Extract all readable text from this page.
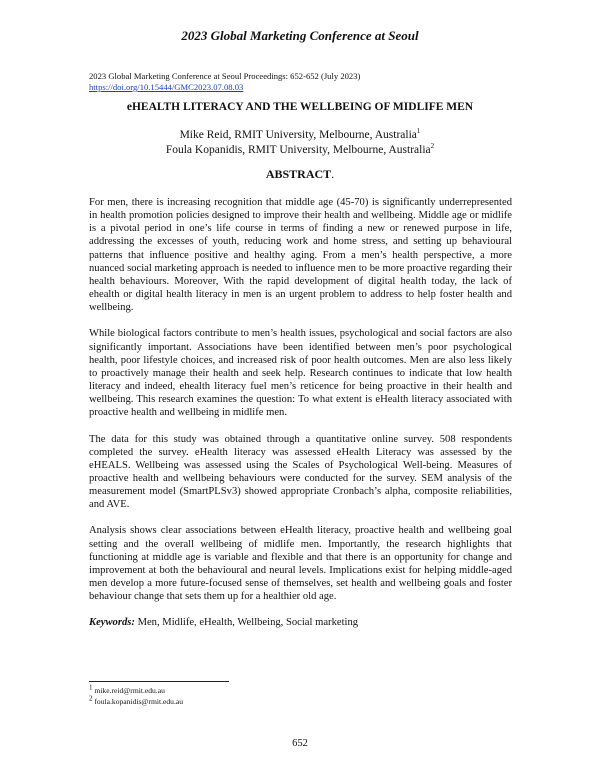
2023 Global Marketing Conference at Seoul
2023 Global Marketing Conference at Seoul Proceedings: 652-652 (July 2023)
https://doi.org/10.15444/GMC2023.07.08.03
eHEALTH LITERACY AND THE WELLBEING OF MIDLIFE MEN
Mike Reid, RMIT University, Melbourne, Australia$^1$
Foula Kopanidis, RMIT University, Melbourne, Australia$^2$
ABSTRACT.

For men, there is increasing recognition that middle age (45-70) is significantly underrepresented in health promotion policies designed to improve their health and wellbeing. Middle age or midlife is a pivotal period in one’s life course in terms of finding a new or renewed purpose in life, addressing the excesses of youth, reducing work and home stress, and setting up behavioural patterns that influence positive and healthy aging. From a men’s health perspective, a more nuanced social marketing approach is needed to influence men to be more proactive regarding their health behaviours. Moreover, With the rapid development of digital health today, the lack of ehealth or digital health literacy in men is an urgent problem to address to help foster health and wellbeing.

While biological factors contribute to men’s health issues, psychological and social factors are also significantly important. Associations have been identified between men’s poor psychological health, poor lifestyle choices, and increased risk of poor health outcomes. Men are also less likely to proactively manage their health and seek help. Research continues to indicate that low health literacy and indeed, ehealth literacy fuel men’s reticence for being proactive in their health and wellbeing. This research examines the question: To what extent is eHealth literacy associated with proactive health and wellbeing in midlife men.

The data for this study was obtained through a quantitative online survey. 508 respondents completed the survey. eHealth literacy was assessed eHealth Literacy was assessed by the eHEALS. Wellbeing was assessed using the Scales of Psychological Well-being. Measures of proactive health and wellbeing behaviours were conducted for the survey. SEM analysis of the measurement model (SmartPLSv3) showed appropriate Cronbach’s alpha, composite reliabilities, and AVE.

Analysis shows clear associations between eHealth literacy, proactive health and wellbeing goal setting and the overall wellbeing of midlife men. Importantly, the research highlights that functioning at middle age is variable and flexible and that there is an opportunity for change and improvement at both the behavioural and neural levels. Implications exist for helping middle-aged men develop a more future-focused sense of themselves, set health and wellbeing goals and foster behaviour change that sets them up for a healthier old age.

Keywords: Men, Midlife, eHealth, Wellbeing, Social marketing

$^1$ mike.reid@rmit.edu.au
$^2$ foula.kopanidis@rmit.edu.au
652
